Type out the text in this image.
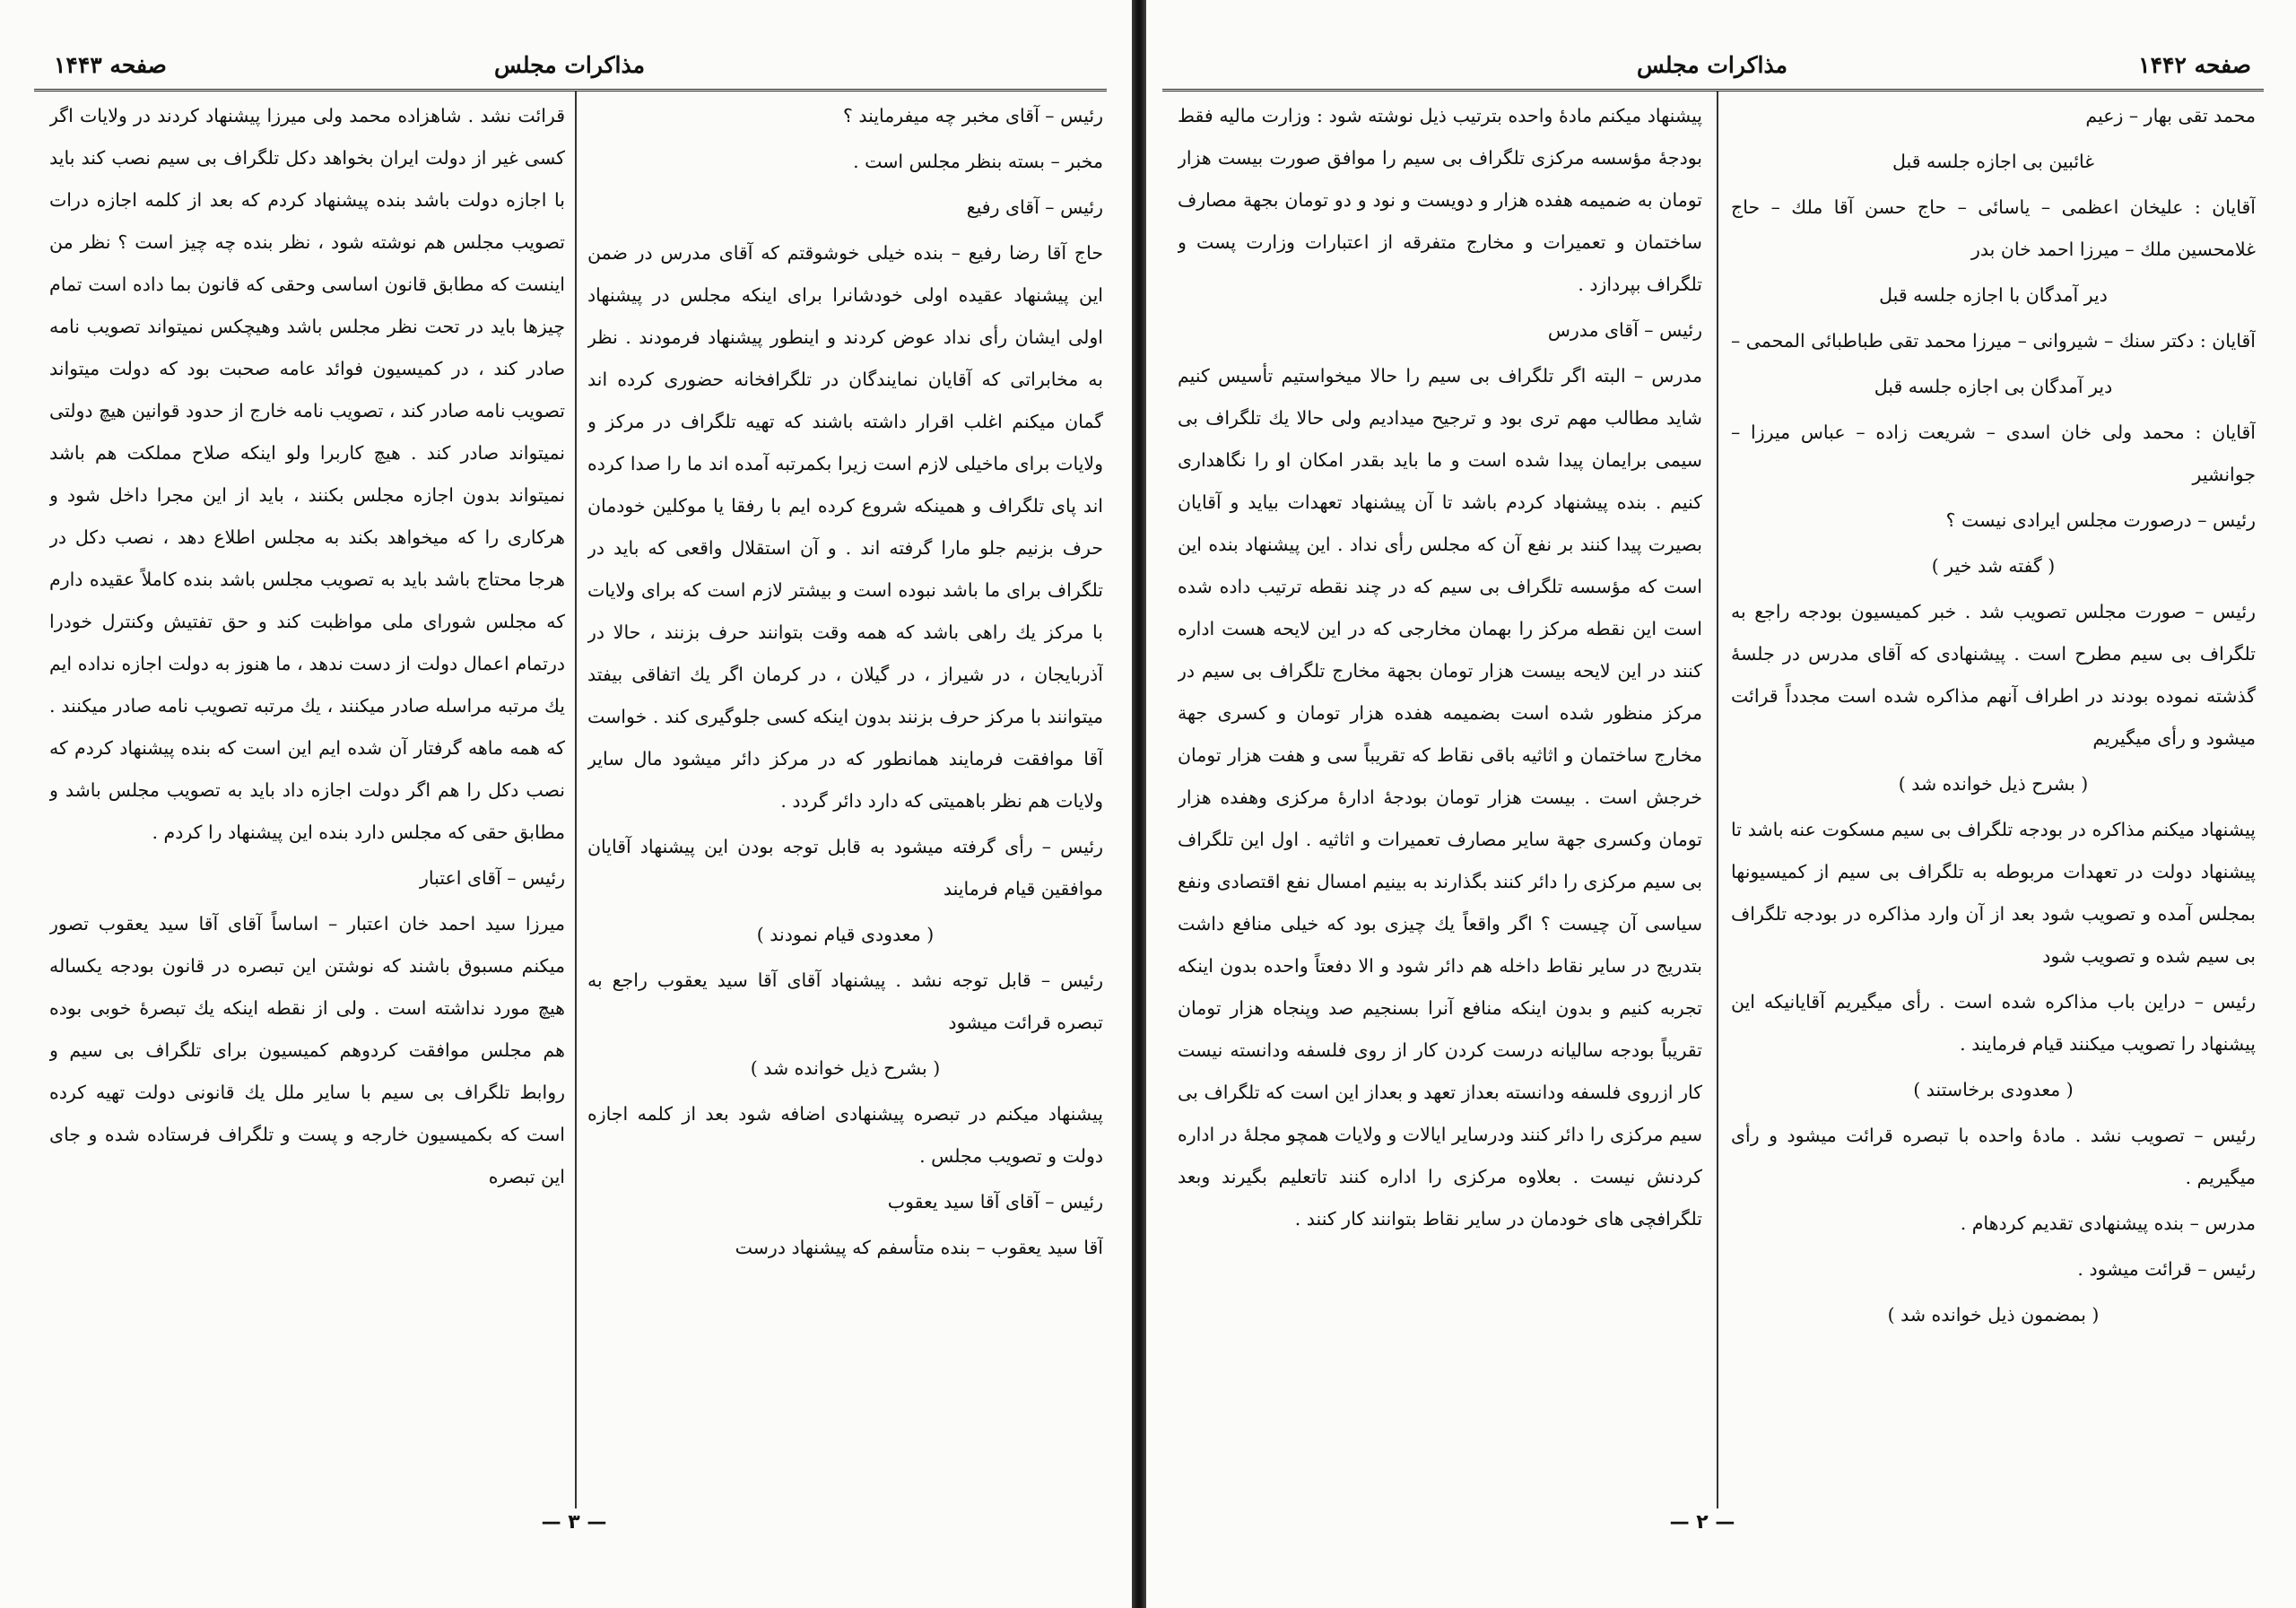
مذاکرات مجلس
صفحه ۱۴۴۳

رئیس – آقای مخبر چه میفرمایند ؟

مخبر – بسته بنظر مجلس است .

رئیس – آقای رفیع

حاج آقا رضا رفیع – بنده خیلی خوشوقتم که آقای مدرس در ضمن این پیشنهاد عقیده اولی خودشانرا برای اینکه مجلس در پیشنهاد اولی ایشان رأی نداد عوض کردند و اینطور پیشنهاد فرمودند . نظر به مخابراتی که آقایان نمایندگان در تلگرافخانه حضوری کرده اند گمان میکنم اغلب اقرار داشته باشند که تهیه تلگراف در مرکز و ولایات برای ماخیلی لازم است زیرا بکمرتبه آمده اند ما را صدا کرده اند پای تلگراف و همینکه شروع کرده ایم با رفقا یا موکلین خودمان حرف بزنیم جلو مارا گرفته اند . و آن استقلال واقعی که باید در تلگراف برای ما باشد نبوده است و بیشتر لازم است که برای ولایات با مرکز یك راهی باشد که همه وقت بتوانند حرف بزنند ، حالا در آذربایجان ، در شیراز ، در گیلان ، در کرمان اگر یك اتفاقی بیفتد میتوانند با مرکز حرف بزنند بدون اینکه کسی جلوگیری کند . خواست آقا موافقت فرمایند همانطور که در مرکز دائر میشود مال سایر ولایات هم نظر باهمیتی که دارد دائر گردد .

رئیس – رأی گرفته میشود به قابل توجه بودن این پیشنهاد آقایان موافقین قیام فرمایند

( معدودی قیام نمودند )

رئیس – قابل توجه نشد . پیشنهاد آقای آقا سید یعقوب راجع به تبصره قرائت میشود

( بشرح ذیل خوانده شد )

پیشنهاد میکنم در تبصره پیشنهادی اضافه شود بعد از کلمه اجازه دولت و تصویب مجلس .

رئیس – آقای آقا سید یعقوب

آقا سید یعقوب – بنده متأسفم که پیشنهاد درست

قرائت نشد . شاهزاده محمد ولی میرزا پیشنهاد کردند در ولایات اگر کسی غیر از دولت ایران بخواهد دکل تلگراف بی سیم نصب کند باید با اجازه دولت باشد بنده پیشنهاد کردم که بعد از کلمه اجازه درات تصویب مجلس هم نوشته شود ، نظر بنده چه چیز است ؟ نظر من اینست که مطابق قانون اساسی وحقی که قانون بما داده است تمام چیزها باید در تحت نظر مجلس باشد وهیچکس نمیتواند تصویب نامه صادر کند ، در کمیسیون فوائد عامه صحبت بود که دولت میتواند تصویب نامه صادر کند ، تصویب نامه خارج از حدود قوانین هیچ دولتی نمیتواند صادر کند . هیچ کاربرا ولو اینکه صلاح مملکت هم باشد نمیتواند بدون اجازه مجلس بکنند ، باید از این مجرا داخل شود و هرکاری را که میخواهد بکند به مجلس اطلاع دهد ، نصب دکل در هرجا محتاج باشد باید به تصویب مجلس باشد بنده کاملاً عقیده دارم که مجلس شورای ملی مواظبت کند و حق تفتیش وکنترل خودرا درتمام اعمال دولت از دست ندهد ، ما هنوز به دولت اجازه نداده ایم یك مرتبه مراسله صادر میکنند ، یك مرتبه تصویب نامه صادر میکنند . که همه ماهه گرفتار آن شده ایم این است که بنده پیشنهاد کردم که نصب دکل را هم اگر دولت اجازه داد باید به تصویب مجلس باشد و مطابق حقی که مجلس دارد بنده این پیشنهاد را کردم .

رئیس – آقای اعتبار

میرزا سید احمد خان اعتبار – اساساً آقای آقا سید یعقوب تصور میکنم مسبوق باشند که نوشتن این تبصره در قانون بودجه یکساله هیچ مورد نداشته است . ولی از نقطه اینکه یك تبصرهٔ خوبی بوده هم مجلس موافقت کردوهم کمیسیون برای تلگراف بی سیم و روابط تلگراف بی سیم با سایر ملل یك قانونی دولت تهیه کرده است که بکمیسیون خارجه و پست و تلگراف فرستاده شده و جای این تبصره

— ۳ —
مذاکرات مجلس	صفحه ۱۴۴۲

محمد تقی بهار – زعیم

غائبین بی اجازه جلسه قبل

آقایان : علیخان اعظمی – یاسائی – حاج حسن آقا ملك – حاج غلامحسین ملك – میرزا احمد خان بدر

دیر آمدگان با اجازه جلسه قبل

آقایان : دکتر سنك – شیروانی – میرزا محمد تقی طباطبائی المحمی –

دیر آمدگان بی اجازه جلسه قبل

آقایان : محمد ولی خان اسدی – شریعت زاده – عباس میرزا – جوانشیر

رئیس – درصورت مجلس ایرادی نیست ؟

( گفته شد خیر )

رئیس – صورت مجلس تصویب شد . خبر کمیسیون بودجه راجع به تلگراف بی سیم مطرح است . پیشنهادی که آقای مدرس در جلسهٔ گذشته نموده بودند در اطراف آنهم مذاکره شده است مجدداً قرائت میشود و رأی میگیریم

( بشرح ذیل خوانده شد )

پیشنهاد میکنم مذاکره در بودجه تلگراف بی سیم مسکوت عنه باشد تا پیشنهاد دولت در تعهدات مربوطه به تلگراف بی سیم از کمیسیونها بمجلس آمده و تصویب شود بعد از آن وارد مذاکره در بودجه تلگراف بی سیم شده و تصویب شود

رئیس – دراین باب مذاکره شده است . رأی میگیریم آقایانیکه این پیشنهاد را تصویب میکنند قیام فرمایند .

( معدودی برخاستند )

رئیس – تصویب نشد . مادهٔ واحده با تبصره قرائت میشود و رأی میگیریم .

مدرس – بنده پیشنهادی تقدیم کردهام .

رئیس – قرائت میشود .

( بمضمون ذیل خوانده شد )

پیشنهاد میکنم مادهٔ واحده بترتیب ذیل نوشته شود : وزارت مالیه فقط بودجهٔ مؤسسه مرکزی تلگراف بی سیم را موافق صورت بیست هزار تومان به ضمیمه هفده هزار و دویست و نود و دو تومان بجهة مصارف ساختمان و تعمیرات و مخارج متفرقه از اعتبارات وزارت پست و تلگراف بپردازد .

رئیس – آقای مدرس

مدرس – البته اگر تلگراف بی سیم را حالا میخواستیم تأسیس کنیم شاید مطالب مهم تری بود و ترجیح میدادیم ولی حالا یك تلگراف بی سیمی برایمان پیدا شده است و ما باید بقدر امکان او را نگاهداری کنیم . بنده پیشنهاد کردم باشد تا آن پیشنهاد تعهدات بیاید و آقایان بصیرت پیدا کنند بر نفع آن که مجلس رأی نداد . این پیشنهاد بنده این است که مؤسسه تلگراف بی سیم که در چند نقطه ترتیب داده شده است این نقطه مرکز را بهمان مخارجی که در این لایحه هست اداره کنند در این لایحه بیست هزار تومان بجهة مخارج تلگراف بی سیم در مرکز منظور شده است بضمیمه هفده هزار تومان و کسری جهة مخارج ساختمان و اثاثیه باقی نقاط که تقریباً سی و هفت هزار تومان خرجش است . بیست هزار تومان بودجهٔ ادارهٔ مرکزی وهفده هزار تومان وکسری جهة سایر مصارف تعمیرات و اثاثیه . اول این تلگراف بی سیم مرکزی را دائر کنند بگذارند به بینیم امسال نفع اقتصادی ونفع سیاسی آن چیست ؟ اگر واقعاً یك چیزی بود که خیلی منافع داشت بتدریج در سایر نقاط داخله هم دائر شود و الا دفعتاً واحده بدون اینکه تجربه کنیم و بدون اینکه منافع آنرا بسنجیم صد وپنجاه هزار تومان تقریباً بودجه سالیانه درست کردن کار از روی فلسفه ودانسته نیست کار ازروی فلسفه ودانسته بعداز تعهد و بعداز این است که تلگراف بی سیم مرکزی را دائر کنند ودرسایر ایالات و ولایات همچو مجلهٔ در اداره کردنش نیست . بعلاوه مرکزی را اداره کنند تاتعلیم بگیرند وبعد تلگرافچی های خودمان در سایر نقاط بتوانند کار کنند .

— ۲ —
